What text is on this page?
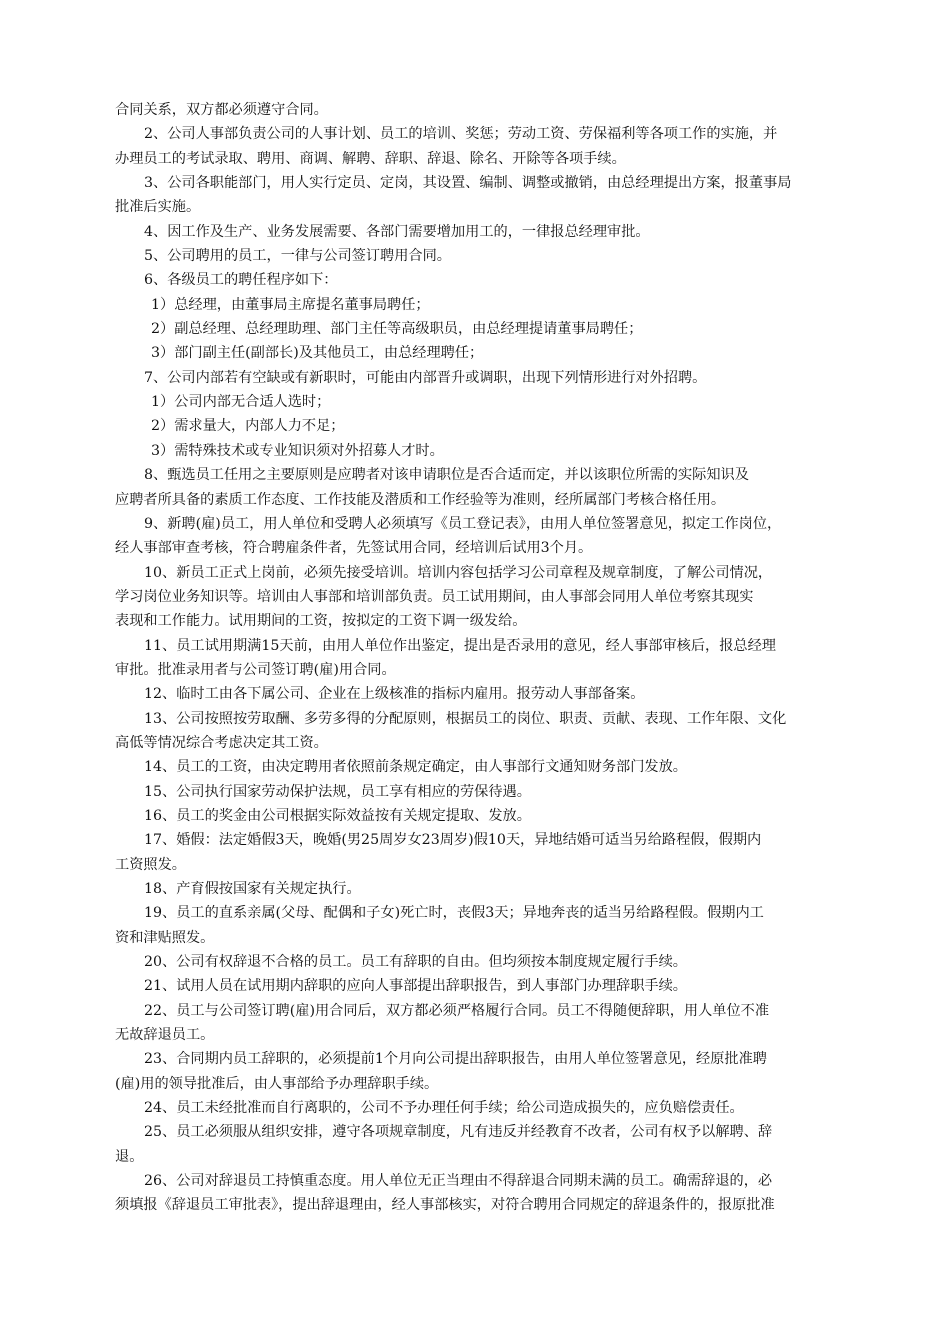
合同关系，双方都必须遵守合同。
2、公司人事部负责公司的人事计划、员工的培训、奖惩；劳动工资、劳保福利等各项工作的实施，并
办理员工的考试录取、聘用、商调、解聘、辞职、辞退、除名、开除等各项手续。
3、公司各职能部门，用人实行定员、定岗，其设置、编制、调整或撤销，由总经理提出方案，报董事局
批准后实施。
4、因工作及生产、业务发展需要、各部门需要增加用工的，一律报总经理审批。
5、公司聘用的员工，一律与公司签订聘用合同。
6、各级员工的聘任程序如下：
1）总经理，由董事局主席提名董事局聘任；
2）副总经理、总经理助理、部门主任等高级职员，由总经理提请董事局聘任；
3）部门副主任(副部长)及其他员工，由总经理聘任；
7、公司内部若有空缺或有新职时，可能由内部晋升或调职，出现下列情形进行对外招聘。
1）公司内部无合适人选时；
2）需求量大，内部人力不足；
3）需特殊技术或专业知识须对外招募人才时。
8、甄选员工任用之主要原则是应聘者对该申请职位是否合适而定，并以该职位所需的实际知识及
应聘者所具备的素质工作态度、工作技能及潜质和工作经验等为准则，经所属部门考核合格任用。
9、新聘(雇)员工，用人单位和受聘人必须填写《员工登记表》，由用人单位签署意见，拟定工作岗位，
经人事部审查考核，符合聘雇条件者，先签试用合同，经培训后试用3个月。
10、新员工正式上岗前，必须先接受培训。培训内容包括学习公司章程及规章制度，了解公司情况，
学习岗位业务知识等。培训由人事部和培训部负责。员工试用期间，由人事部会同用人单位考察其现实
表现和工作能力。试用期间的工资，按拟定的工资下调一级发给。
11、员工试用期满15天前，由用人单位作出鉴定，提出是否录用的意见，经人事部审核后，报总经理
审批。批准录用者与公司签订聘(雇)用合同。
12、临时工由各下属公司、企业在上级核准的指标内雇用。报劳动人事部备案。
13、公司按照按劳取酬、多劳多得的分配原则，根据员工的岗位、职责、贡献、表现、工作年限、文化
高低等情况综合考虑决定其工资。
14、员工的工资，由决定聘用者依照前条规定确定，由人事部行文通知财务部门发放。
15、公司执行国家劳动保护法规，员工享有相应的劳保待遇。
16、员工的奖金由公司根据实际效益按有关规定提取、发放。
17、婚假：法定婚假3天，晚婚(男25周岁女23周岁)假10天，异地结婚可适当另给路程假，假期内
工资照发。
18、产育假按国家有关规定执行。
19、员工的直系亲属(父母、配偶和子女)死亡时，丧假3天；异地奔丧的适当另给路程假。假期内工
资和津贴照发。
20、公司有权辞退不合格的员工。员工有辞职的自由。但均须按本制度规定履行手续。
21、试用人员在试用期内辞职的应向人事部提出辞职报告，到人事部门办理辞职手续。
22、员工与公司签订聘(雇)用合同后，双方都必须严格履行合同。员工不得随便辞职，用人单位不准
无故辞退员工。
23、合同期内员工辞职的，必须提前1个月向公司提出辞职报告，由用人单位签署意见，经原批准聘
(雇)用的领导批准后，由人事部给予办理辞职手续。
24、员工未经批准而自行离职的，公司不予办理任何手续；给公司造成损失的，应负赔偿责任。
25、员工必须服从组织安排，遵守各项规章制度，凡有违反并经教育不改者，公司有权予以解聘、辞
退。
26、公司对辞退员工持慎重态度。用人单位无正当理由不得辞退合同期未满的员工。确需辞退的，必
须填报《辞退员工审批表》，提出辞退理由，经人事部核实，对符合聘用合同规定的辞退条件的，报原批准
